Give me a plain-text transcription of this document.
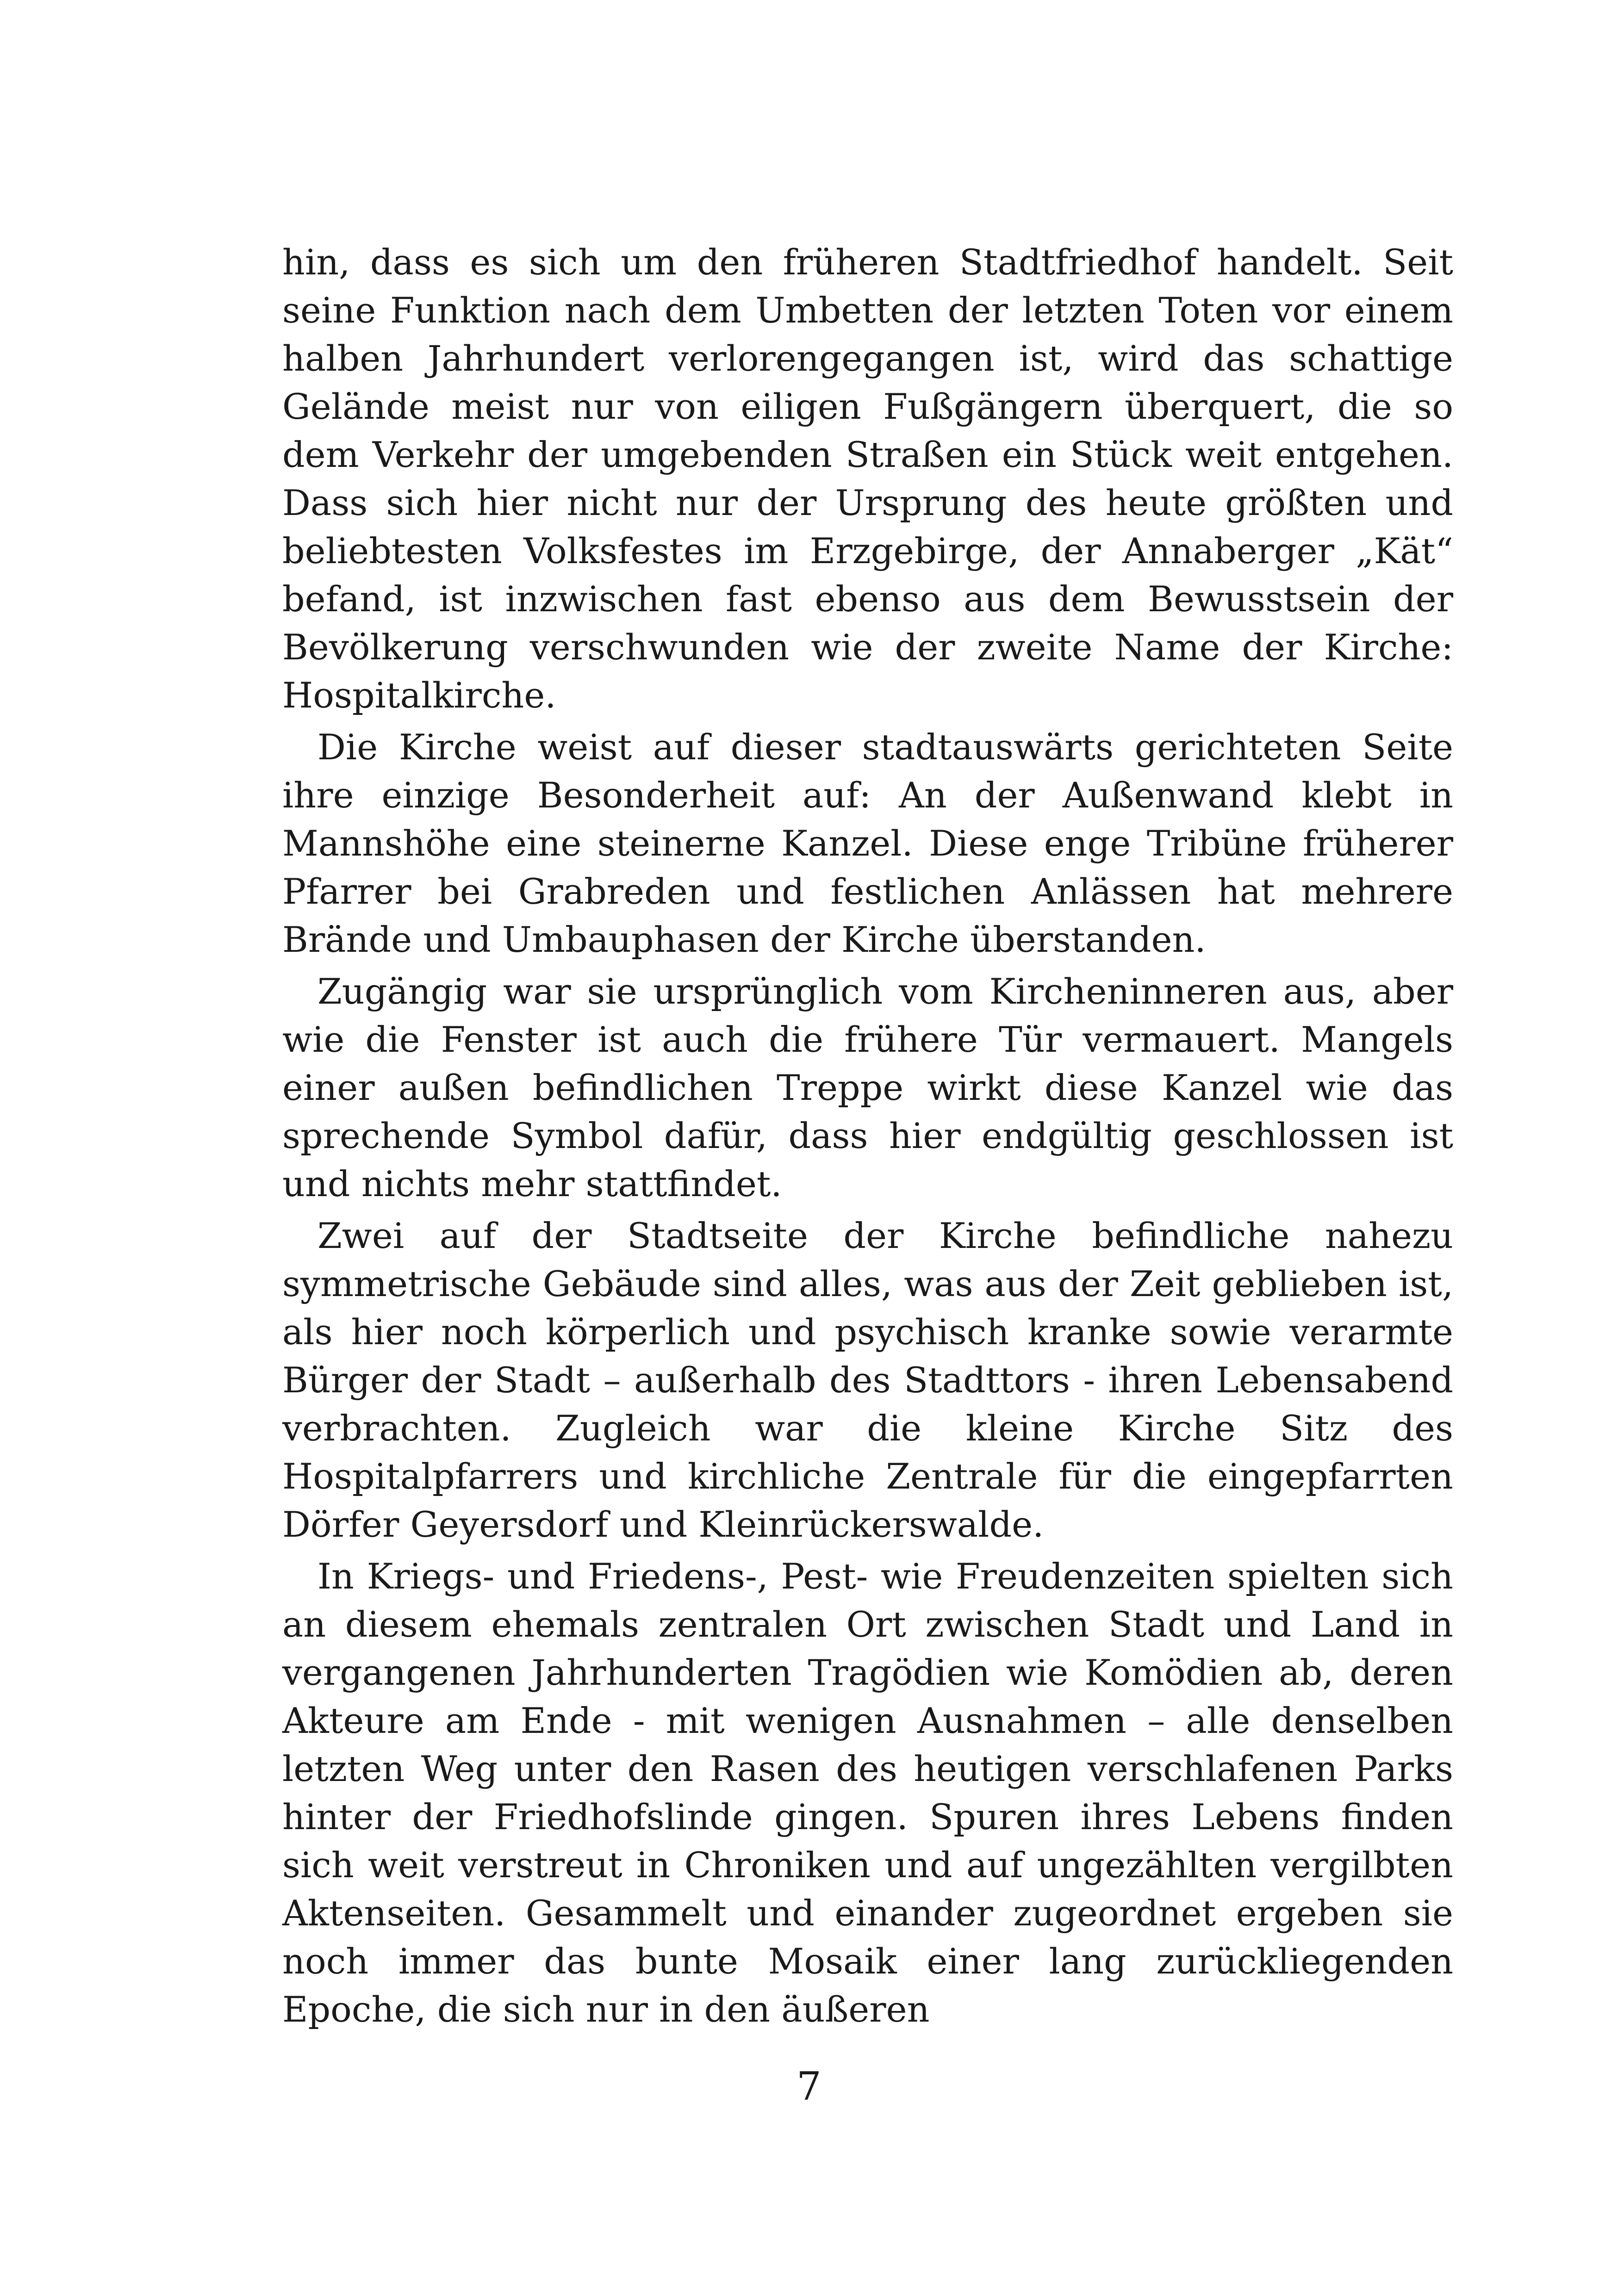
hin, dass es sich um den früheren Stadtfriedhof handelt. Seit seine Funktion nach dem Umbetten der letzten Toten vor einem halben Jahrhundert verlorengegangen ist, wird das schattige Gelände meist nur von eiligen Fußgängern überquert, die so dem Verkehr der umgebenden Straßen ein Stück weit entgehen. Dass sich hier nicht nur der Ursprung des heute größten und beliebtesten Volksfestes im Erzgebirge, der Annaberger „Kät“ befand, ist inzwischen fast ebenso aus dem Bewusstsein der Bevölkerung verschwunden wie der zweite Name der Kirche: Hospitalkirche.

Die Kirche weist auf dieser stadtauswärts gerichteten Seite ihre einzige Besonderheit auf: An der Außenwand klebt in Mannshöhe eine steinerne Kanzel. Diese enge Tribüne früherer Pfarrer bei Grabreden und festlichen Anlässen hat mehrere Brände und Umbauphasen der Kirche überstanden.

Zugängig war sie ursprünglich vom Kircheninneren aus, aber wie die Fenster ist auch die frühere Tür vermauert. Mangels einer außen befindlichen Treppe wirkt diese Kanzel wie das sprechende Symbol dafür, dass hier endgültig geschlossen ist und nichts mehr stattfindet.

Zwei auf der Stadtseite der Kirche befindliche nahezu symmetrische Gebäude sind alles, was aus der Zeit geblieben ist, als hier noch körperlich und psychisch kranke sowie verarmte Bürger der Stadt – außerhalb des Stadttors - ihren Lebensabend verbrachten. Zugleich war die kleine Kirche Sitz des Hospitalpfarrers und kirchliche Zentrale für die eingepfarrten Dörfer Geyersdorf und Kleinrückerswalde.

In Kriegs- und Friedens-, Pest- wie Freudenzeiten spielten sich an diesem ehemals zentralen Ort zwischen Stadt und Land in vergangenen Jahrhunderten Tragödien wie Komödien ab, deren Akteure am Ende - mit wenigen Ausnahmen – alle denselben letzten Weg unter den Rasen des heutigen verschlafenen Parks hinter der Friedhofslinde gingen. Spuren ihres Lebens finden sich weit verstreut in Chroniken und auf ungezählten vergilbten Aktenseiten. Gesammelt und einander zugeordnet ergeben sie noch immer das bunte Mosaik einer lang zurückliegenden Epoche, die sich nur in den äußeren

7
